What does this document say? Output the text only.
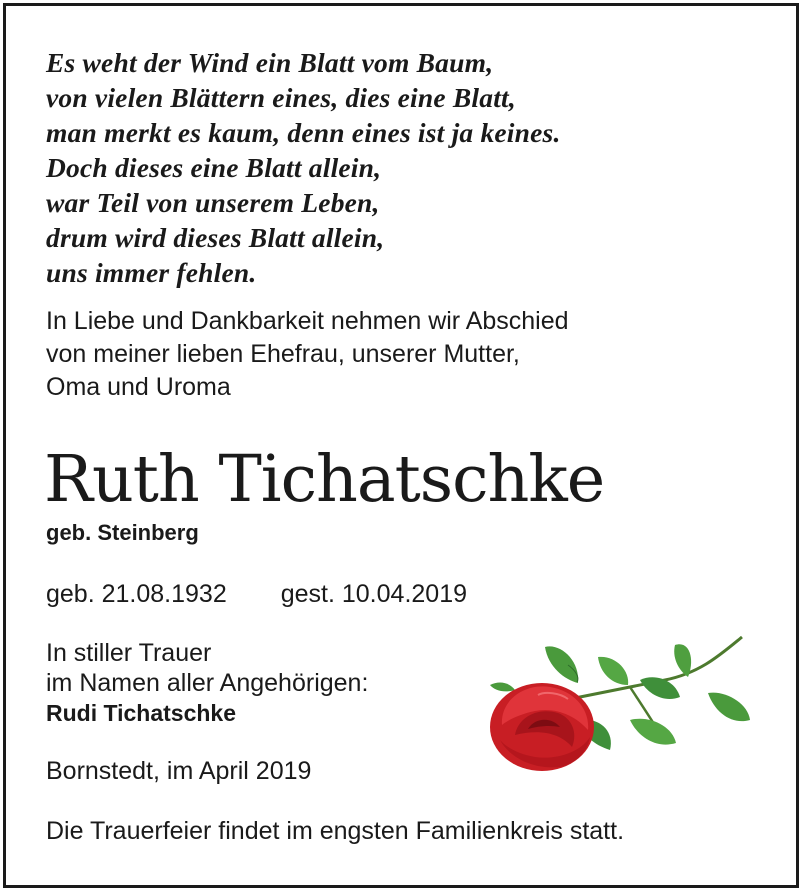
Es weht der Wind ein Blatt vom Baum,
von vielen Blättern eines, dies eine Blatt,
man merkt es kaum, denn eines ist ja keines.
Doch dieses eine Blatt allein,
war Teil von unserem Leben,
drum wird dieses Blatt allein,
uns immer fehlen.
In Liebe und Dankbarkeit nehmen wir Abschied
von meiner lieben Ehefrau, unserer Mutter,
Oma und Uroma
Ruth Tichatschke
geb. Steinberg
geb. 21.08.1932 gest. 10.04.2019
In stiller Trauer
im Namen aller Angehörigen:
Rudi Tichatschke
Bornstedt, im April 2019
Die Trauerfeier findet im engsten Familienkreis statt.
